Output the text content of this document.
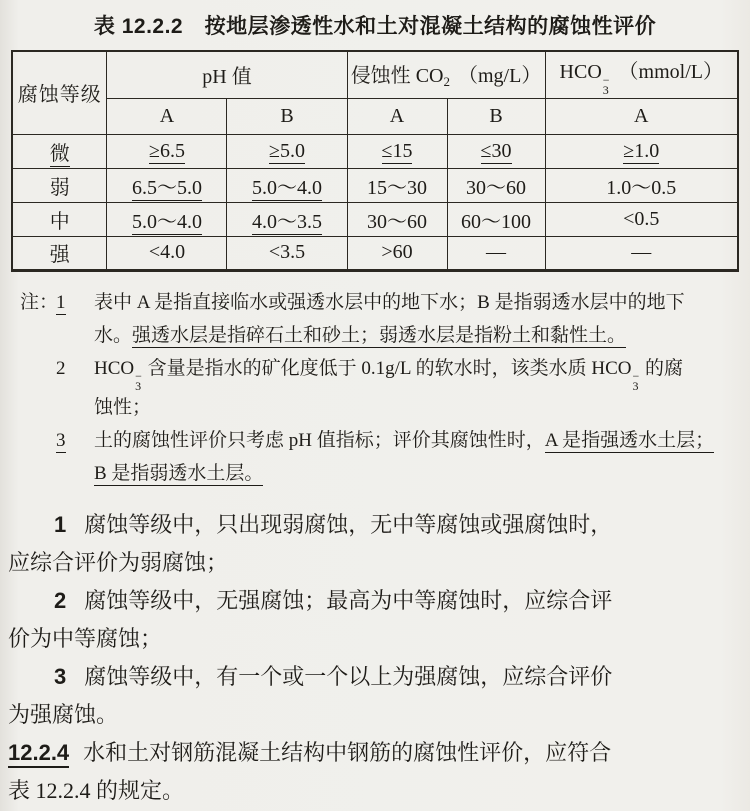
表 12.2.2　按地层渗透性水和土对混凝土结构的腐蚀性评价
腐蚀等级	pH 值		侵蚀性 $CO_2$ （mg/L）		HCO −
3
（mmol/L）
	A	B	A	B	A
微	≥6.5	≥5.0	≤15	≤30	≥1.0
弱	6.5～5.0	5.0～4.0	15～30	30～60	1.0～0.5
中	5.0～4.0	4.0～3.5	30～60	60～100	<0.5
强	<4.0	<3.5	>60	—	—
注：
1	表中 A 是指直接临水或强透水层中的地下水；B 是指弱透水层中的地下
水。强透水层是指碎石土和砂土；弱透水层是指粉土和黏性土。
2	HCO −
3
含量是指水的矿化度低于 0.1g/L 的软水时，该类水质 HCO −
3
的腐
蚀性；
3	土的腐蚀性评价只考虑 pH 值指标；评价其腐蚀性时，A 是指强透水土层；
B 是指弱透水土层。

1 腐蚀等级中，只出现弱腐蚀，无中等腐蚀或强腐蚀时，
应综合评价为弱腐蚀；

2 腐蚀等级中，无强腐蚀；最高为中等腐蚀时，应综合评
价为中等腐蚀；

3 腐蚀等级中，有一个或一个以上为强腐蚀，应综合评价
为强腐蚀。

12.2.4 水和土对钢筋混凝土结构中钢筋的腐蚀性评价，应符合
表 12.2.4 的规定。
